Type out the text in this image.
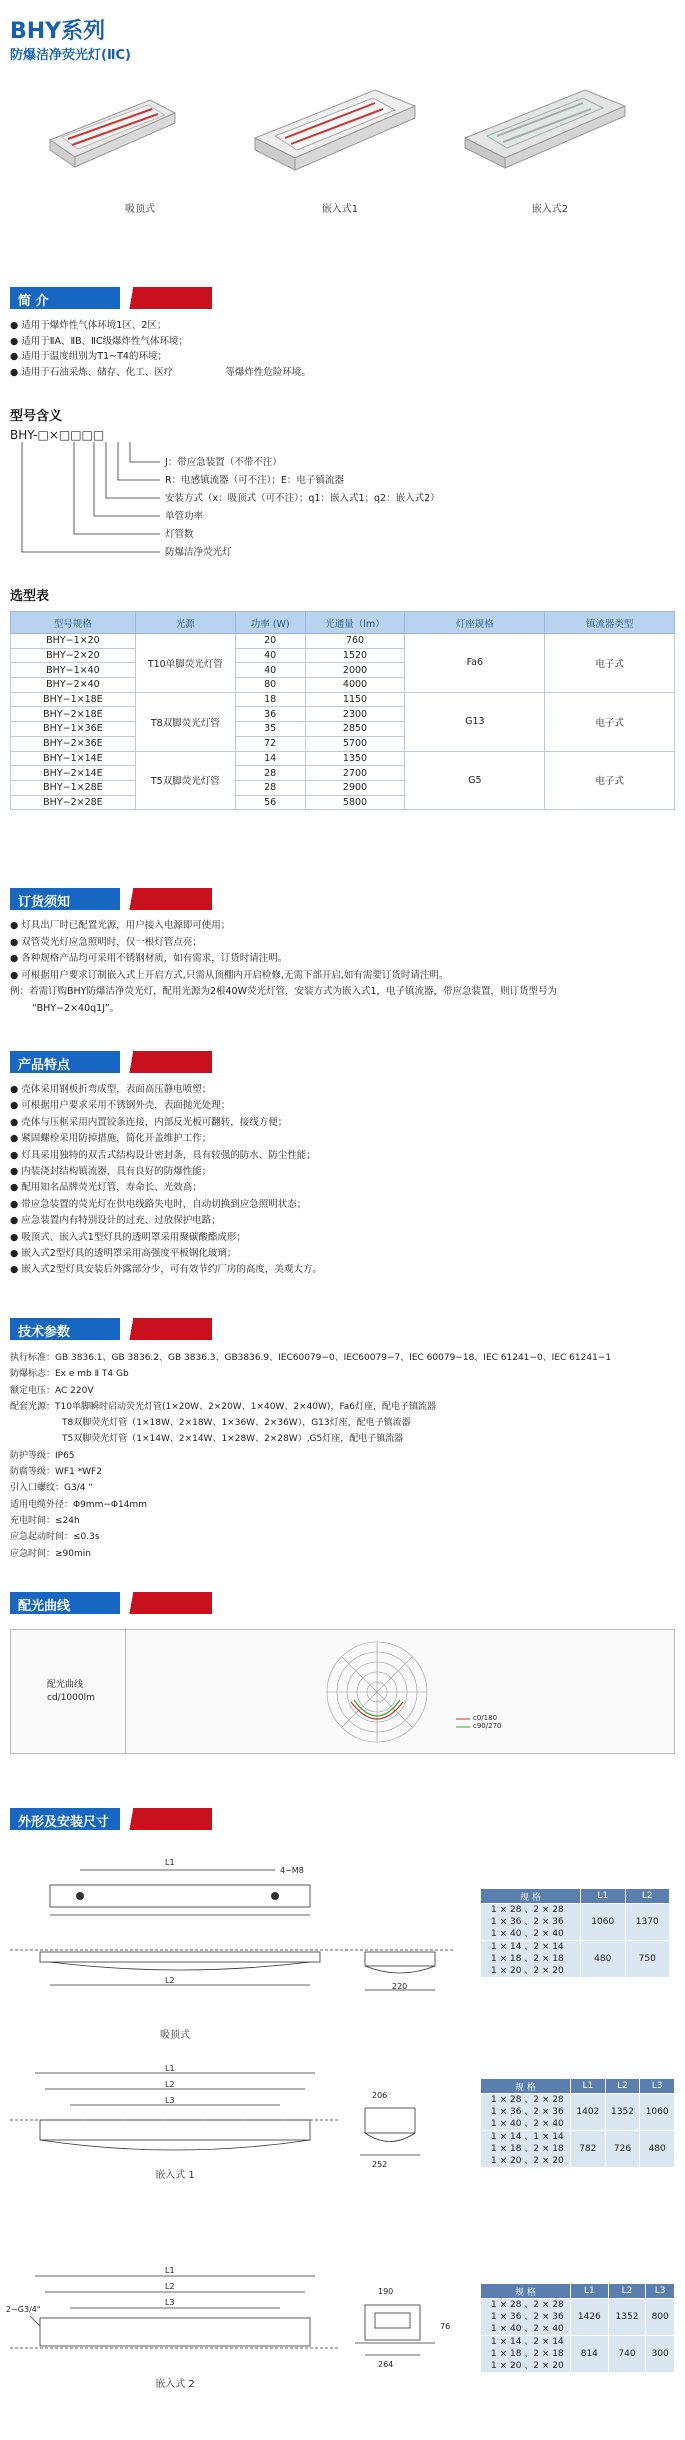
BHY系列
防爆洁净荧光灯(ⅡC)
吸顶式	嵌入式1	嵌入式2
简 介
● 适用于爆炸性气体环境1区、2区；
● 适用于ⅡA、ⅡB、ⅡC级爆炸性气体环境；
● 适用于温度组别为T1~T4的环境；
● 适用于石油采炼、储存、化工、医疗	等爆炸性危险环境。
型号含义
BHY-□×□□□□
J：带应急装置（不带不注）
R：电感镇流器（可不注）；E：电子镇流器
安装方式（x：吸顶式（可不注）；q1：嵌入式1；q2：嵌入式2）
单管功率
灯管数
防爆洁净荧光灯
选型表
型号规格	光源	功率 (W)	光通量（lm）	灯座规格	镇流器类型
BHY−1×20	T10单脚荧光灯管	20	760	Fa6	电子式
BHY−2×20		40	1520		
BHY−1×40		40	2000		
BHY−2×40		80	4000		
BHY−1×18E	T8双脚荧光灯管	18	1150	G13	电子式
BHY−2×18E		36	2300		
BHY−1×36E		35	2850		
BHY−2×36E		72	5700		
BHY−1×14E	T5双脚荧光灯管	14	1350	G5	电子式
BHY−2×14E		28	2700		
BHY−1×28E		28	2900		
BHY−2×28E		56	5800		
订货须知
● 灯具出厂时已配置光源，用户接入电源即可使用；
● 双管荧光灯应急照明时，仅一根灯管点亮；
● 各种规格产品均可采用不锈钢材质，如有需求，订货时请注明。
● 可根据用户要求订制嵌入式上开启方式,只需从顶棚内开启检修,无需下部开启,如有需要订货时请注明。
例：若需订购BHY防爆洁净荧光灯，配用光源为2根40W荧光灯管，安装方式为嵌入式1，电子镇流器，带应急装置，则订货型号为
“BHY−2×40q1J”。
产品特点
● 壳体采用钢板折弯成型，表面高压静电喷塑；
● 可根据用户要求采用不锈钢外壳，表面抛光处理；
● 壳体与压框采用内置铰条连接，内部反光板可翻转，接线方便；
● 紧固螺栓采用防掉措施，简化开盖维护工作；
● 灯具采用独特的双舌式结构设计密封条，具有较强的防水、防尘性能；
● 内装浇封结构镇流器，具有良好的防爆性能；
● 配用知名品牌荧光灯管，寿命长、光效高；
● 带应急装置的荧光灯在供电线路失电时，自动切换到应急照明状态；
● 应急装置内有特别设计的过充、过放保护电路；
● 吸顶式、嵌入式1型灯具的透明罩采用聚碳酸酯成形；
● 嵌入式2型灯具的透明罩采用高强度平板钢化玻璃；
● 嵌入式2型灯具安装后外露部分少，可有效节约厂房的高度，美观大方。
技术参数
执行标准：GB 3836.1、GB 3836.2、GB 3836.3、GB3836.9、IEC60079−0、IEC60079−7、IEC 60079−18、IEC 61241−0、IEC 61241−1
防爆标志：Ex e mb Ⅱ T4 Gb
额定电压：AC 220V
配套光源：T10单脚瞬时启动荧光灯管(1×20W、2×20W、1×40W、2×40W)，Fa6灯座，配电子镇流器
T8双脚荧光灯管（1×18W、2×18W、1×36W、2×36W），G13灯座，配电子镇流器
T5双脚荧光灯管（1×14W、2×14W、1×28W、2×28W）,G5灯座，配电子镇流器
防护等级：IP65
防腐等级：WF1 *WF2
引入口螺纹：G3/4 "
适用电缆外径：Φ9mm−Φ14mm
充电时间：≤24h
应急起动时间：≤0.3s
应急时间：≥90min
配光曲线
配光曲线
cd/1000lm
c0/180
c90/270
外形及安装尺寸
L1
L2
4−M8
吸顶式
220
规 格	L1	L2

1 × 28 、2 × 28
1 × 36 、2 × 36
1 × 40 、2 × 40	1060	1370

1 × 14 、2 × 14
1 × 18 、2 × 18
1 × 20 、2 × 20	480	750
L1
L2
L3
嵌入式 1
206
252
规 格	L1	L2	L3

1 × 28 、2 × 28
1 × 36 、2 × 36
1 × 40 、2 × 40	1402	1352	1060

1 × 14 、1 × 14
1 × 18 、2 × 18
1 × 20 、2 × 20	782	726	480
L1
L2
L3
2−G3/4"
嵌入式 2
190
264
76
规 格	L1	L2	L3

1 × 28 、2 × 28
1 × 36 、2 × 36
1 × 40 、2 × 40	1426	1352	800

1 × 14 、2 × 14
1 × 18 、2 × 18
1 × 20 、2 × 20	814	740	300
